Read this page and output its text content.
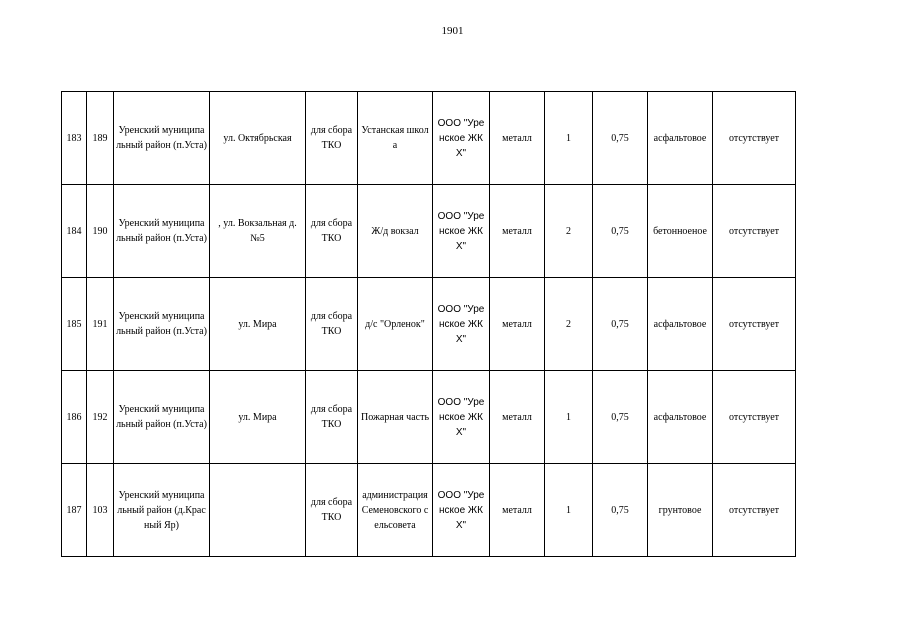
1901
183	189	Уренский муниципальный район (п.Уста)	ул. Октябрьская	для сбора ТКО	Устанская школа	ООО "Уренское ЖКХ"	металл	1	0,75	асфальтовое	отсутствует
184	190	Уренский муниципальный район (п.Уста)	, ул. Вокзальная д.№5	для сбора ТКО	Ж/д вокзал	ООО "Уренское ЖКХ"	металл	2	0,75	бетонноеное	отсутствует
185	191	Уренский муниципальный район (п.Уста)	ул. Мира	для сбора ТКО	д/с "Орленок"	ООО "Уренское ЖКХ"	металл	2	0,75	асфальтовое	отсутствует
186	192	Уренский муниципальный район (п.Уста)	ул. Мира	для сбора ТКО	Пожарная часть	ООО "Уренское ЖКХ"	металл	1	0,75	асфальтовое	отсутствует
187	103	Уренский муниципальный район (д.Красный Яр)		для сбора ТКО	администрация Семеновского сельсовета	ООО "Уренское ЖКХ"	металл	1	0,75	грунтовое	отсутствует
